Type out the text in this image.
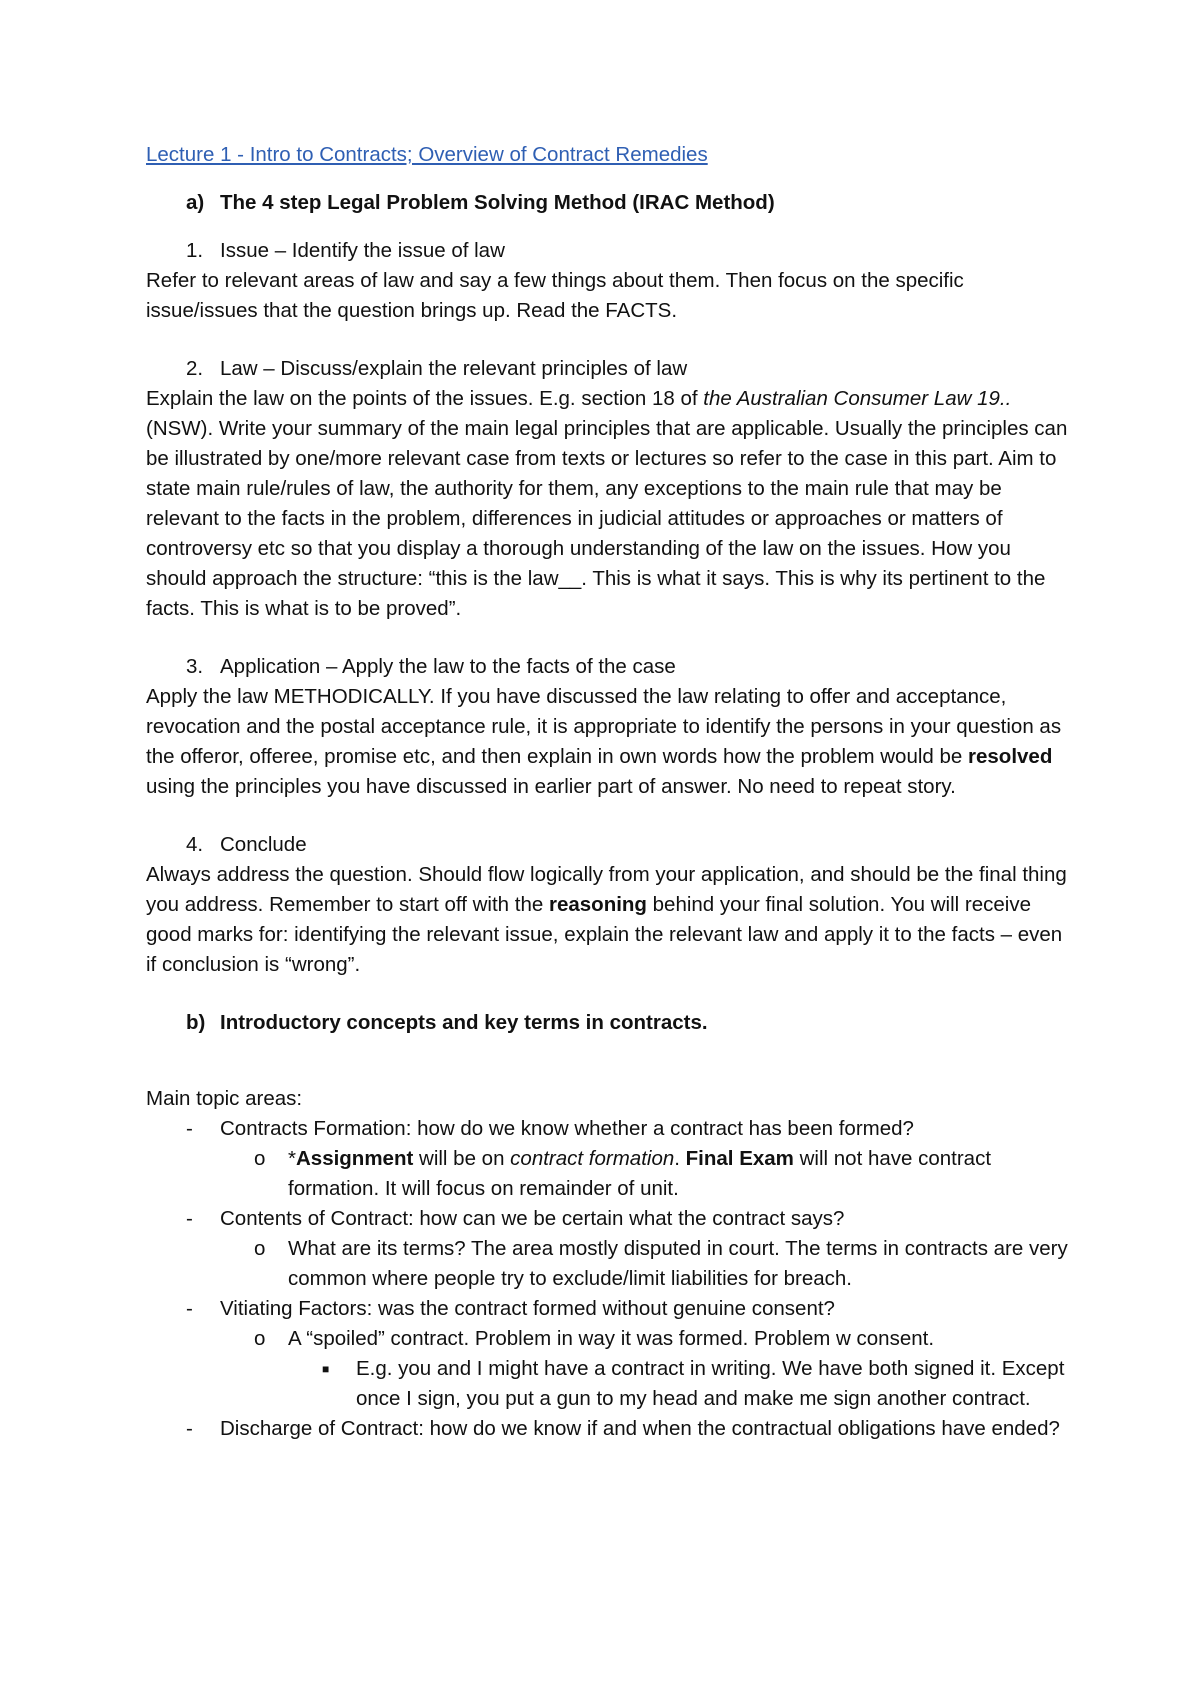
Lecture 1 - Intro to Contracts; Overview of Contract Remedies
a) The 4 step Legal Problem Solving Method (IRAC Method)
1. Issue – Identify the issue of law

Refer to relevant areas of law and say a few things about them. Then focus on the specific issue/issues that the question brings up. Read the FACTS.

2. Law – Discuss/explain the relevant principles of law

Explain the law on the points of the issues. E.g. section 18 of the Australian Consumer Law 19.. (NSW). Write your summary of the main legal principles that are applicable. Usually the principles can be illustrated by one/more relevant case from texts or lectures so refer to the case in this part. Aim to state main rule/rules of law, the authority for them, any exceptions to the main rule that may be relevant to the facts in the problem, differences in judicial attitudes or approaches or matters of controversy etc so that you display a thorough understanding of the law on the issues. How you should approach the structure: “this is the law__. This is what it says. This is why its pertinent to the facts. This is what is to be proved”.

3. Application – Apply the law to the facts of the case

Apply the law METHODICALLY. If you have discussed the law relating to offer and acceptance, revocation and the postal acceptance rule, it is appropriate to identify the persons in your question as the offeror, offeree, promise etc, and then explain in own words how the problem would be resolved using the principles you have discussed in earlier part of answer. No need to repeat story.

4. Conclude

Always address the question. Should flow logically from your application, and should be the final thing you address. Remember to start off with the reasoning behind your final solution. You will receive good marks for: identifying the relevant issue, explain the relevant law and apply it to the facts – even if conclusion is “wrong”.

b) Introductory concepts and key terms in contracts.
Main topic areas:
-	Contracts Formation: how do we know whether a contract has been formed?
o	*Assignment will be on contract formation. Final Exam will not have contract formation. It will focus on remainder of unit.
-	Contents of Contract: how can we be certain what the contract says?
o	What are its terms? The area mostly disputed in court. The terms in contracts are very common where people try to exclude/limit liabilities for breach.
-	Vitiating Factors: was the contract formed without genuine consent?
o	A “spoiled” contract. Problem in way it was formed. Problem w consent.
■	E.g. you and I might have a contract in writing. We have both signed it. Except once I sign, you put a gun to my head and make me sign another contract.
-	Discharge of Contract: how do we know if and when the contractual obligations have ended?
